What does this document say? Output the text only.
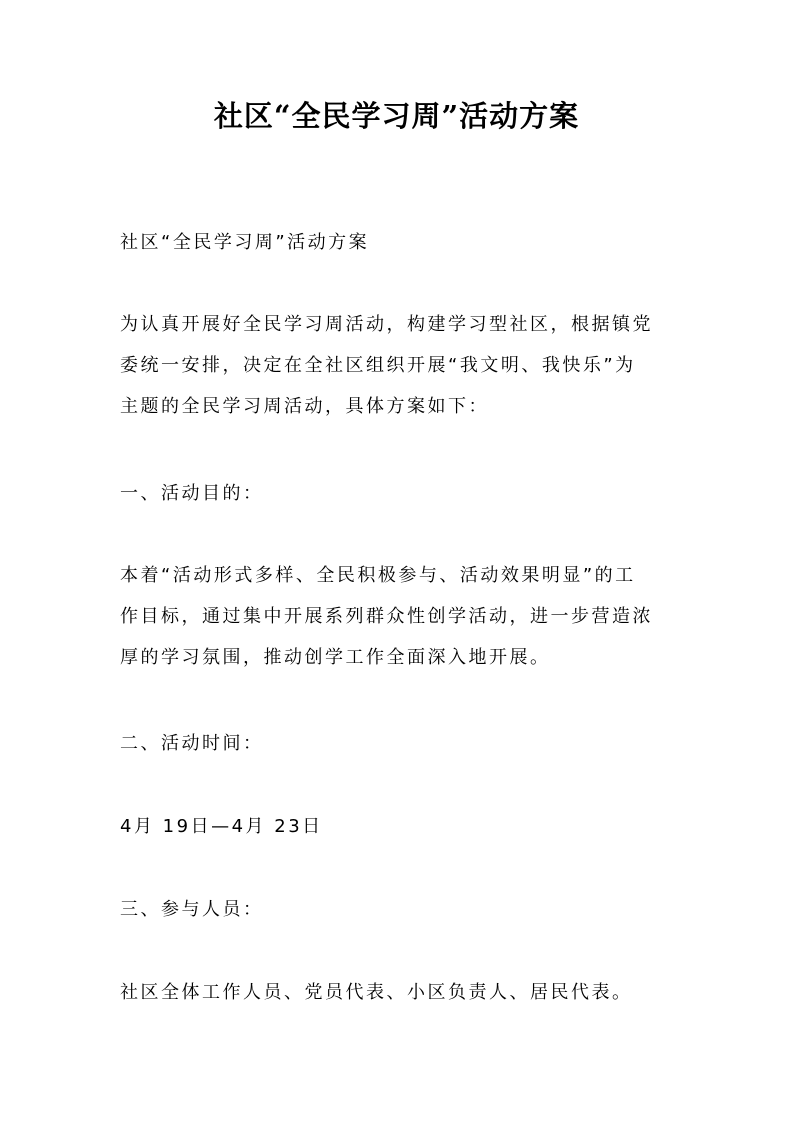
社区“全民学习周”活动方案
社区“全民学习周”活动方案
为认真开展好全民学习周活动，构建学习型社区，根据镇党
委统一安排，决定在全社区组织开展“我文明、我快乐”为
主题的全民学习周活动，具体方案如下：
一、活动目的：
本着“活动形式多样、全民积极参与、活动效果明显”的工
作目标，通过集中开展系列群众性创学活动，进一步营造浓
厚的学习氛围，推动创学工作全面深入地开展。
二、活动时间：
4月 19日—4月 23日
三、参与人员：
社区全体工作人员、党员代表、小区负责人、居民代表。
